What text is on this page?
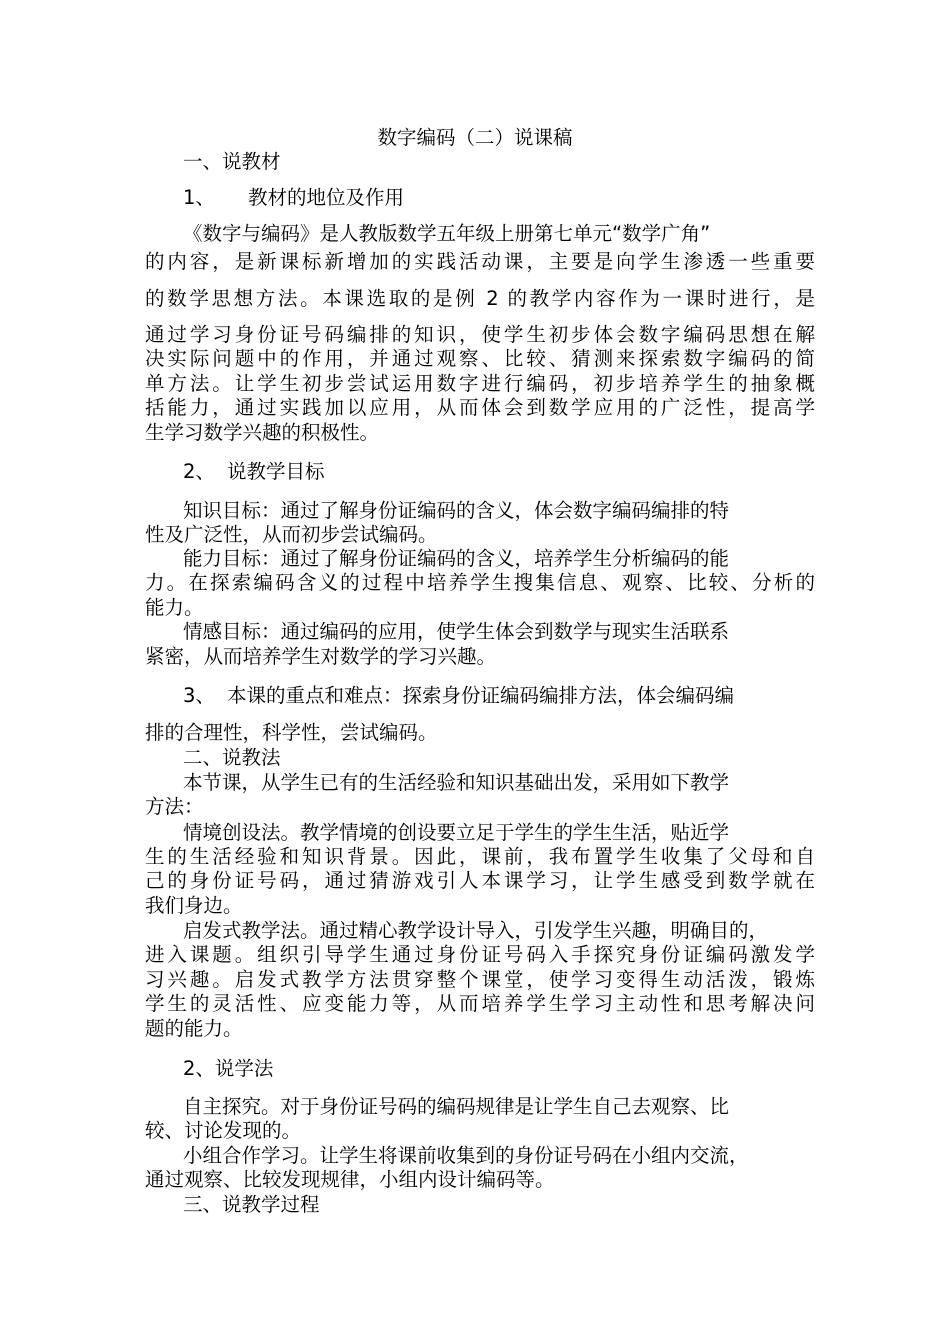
数字编码（二）说课稿
一、说教材
1、 教材的地位及作用
《数字与编码》是人教版数学五年级上册第七单元“数学广角”
的内容，是新课标新增加的实践活动课，主要是向学生渗透一些重要
的数学思想方法。本课选取的是例 2 的教学内容作为一课时进行，是
通过学习身份证号码编排的知识，使学生初步体会数字编码思想在解
决实际问题中的作用，并通过观察、比较、猜测来探索数字编码的简
单方法。让学生初步尝试运用数字进行编码，初步培养学生的抽象概
括能力，通过实践加以应用，从而体会到数学应用的广泛性，提高学
生学习数学兴趣的积极性。
2、 说教学目标
知识目标：通过了解身份证编码的含义，体会数字编码编排的特
性及广泛性，从而初步尝试编码。
能力目标：通过了解身份证编码的含义，培养学生分析编码的能
力。在探索编码含义的过程中培养学生搜集信息、观察、比较、分析的
能力。
情感目标：通过编码的应用，使学生体会到数学与现实生活联系
紧密，从而培养学生对数学的学习兴趣。
3、 本课的重点和难点：探索身份证编码编排方法，体会编码编
排的合理性，科学性，尝试编码。
二、说教法
本节课，从学生已有的生活经验和知识基础出发，采用如下教学
方法：
情境创设法。教学情境的创设要立足于学生的学生生活，贴近学
生的生活经验和知识背景。因此，课前，我布置学生收集了父母和自
己的身份证号码，通过猜游戏引人本课学习，让学生感受到数学就在
我们身边。
启发式教学法。通过精心教学设计导入，引发学生兴趣，明确目的，
进入课题。组织引导学生通过身份证号码入手探究身份证编码激发学
习兴趣。启发式教学方法贯穿整个课堂，使学习变得生动活泼，锻炼
学生的灵活性、应变能力等，从而培养学生学习主动性和思考解决问
题的能力。
2、说学法
自主探究。对于身份证号码的编码规律是让学生自己去观察、比
较、讨论发现的。
小组合作学习。让学生将课前收集到的身份证号码在小组内交流，
通过观察、比较发现规律，小组内设计编码等。
三、说教学过程
